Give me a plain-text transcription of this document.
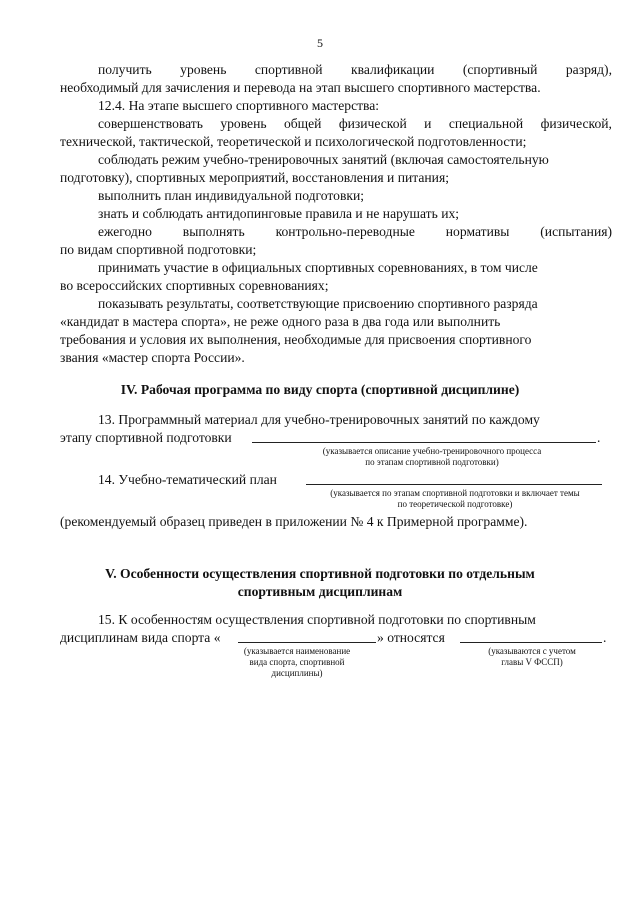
5
получить уровень спортивной квалификации (спортивный разряд),
необходимый для зачисления и перевода на этап высшего спортивного мастерства.
12.4. На этапе высшего спортивного мастерства:
совершенствовать уровень общей физической и специальной физической,
технической, тактической, теоретической и психологической подготовленности;
соблюдать режим учебно-тренировочных занятий (включая самостоятельную
подготовку), спортивных мероприятий, восстановления и питания;
выполнить план индивидуальной подготовки;
знать и соблюдать антидопинговые правила и не нарушать их;
ежегодно выполнять контрольно-переводные нормативы (испытания)
по видам спортивной подготовки;
принимать участие в официальных спортивных соревнованиях, в том числе
во всероссийских спортивных соревнованиях;
показывать результаты, соответствующие присвоению спортивного разряда
«кандидат в мастера спорта», не реже одного раза в два года или выполнить
требования и условия их выполнения, необходимые для присвоения спортивного
звания «мастер спорта России».
IV. Рабочая программа по виду спорта (спортивной дисциплине)
13. Программный материал для учебно-тренировочных занятий по каждому
этапу спортивной подготовки	.
(указывается описание учебно-тренировочного процесса
по этапам спортивной подготовки)
14. Учебно-тематический план
(указывается по этапам спортивной подготовки и включает темы
по теоретической подготовке)
(рекомендуемый образец приведен в приложении № 4 к Примерной программе).
V. Особенности осуществления спортивной подготовки по отдельным
спортивным дисциплинам
15. К особенностям осуществления спортивной подготовки по спортивным
дисциплинам вида спорта «	» относятся	.
(указывается наименование
вида спорта, спортивной
дисциплины)
(указываются с учетом
главы V ФССП)
